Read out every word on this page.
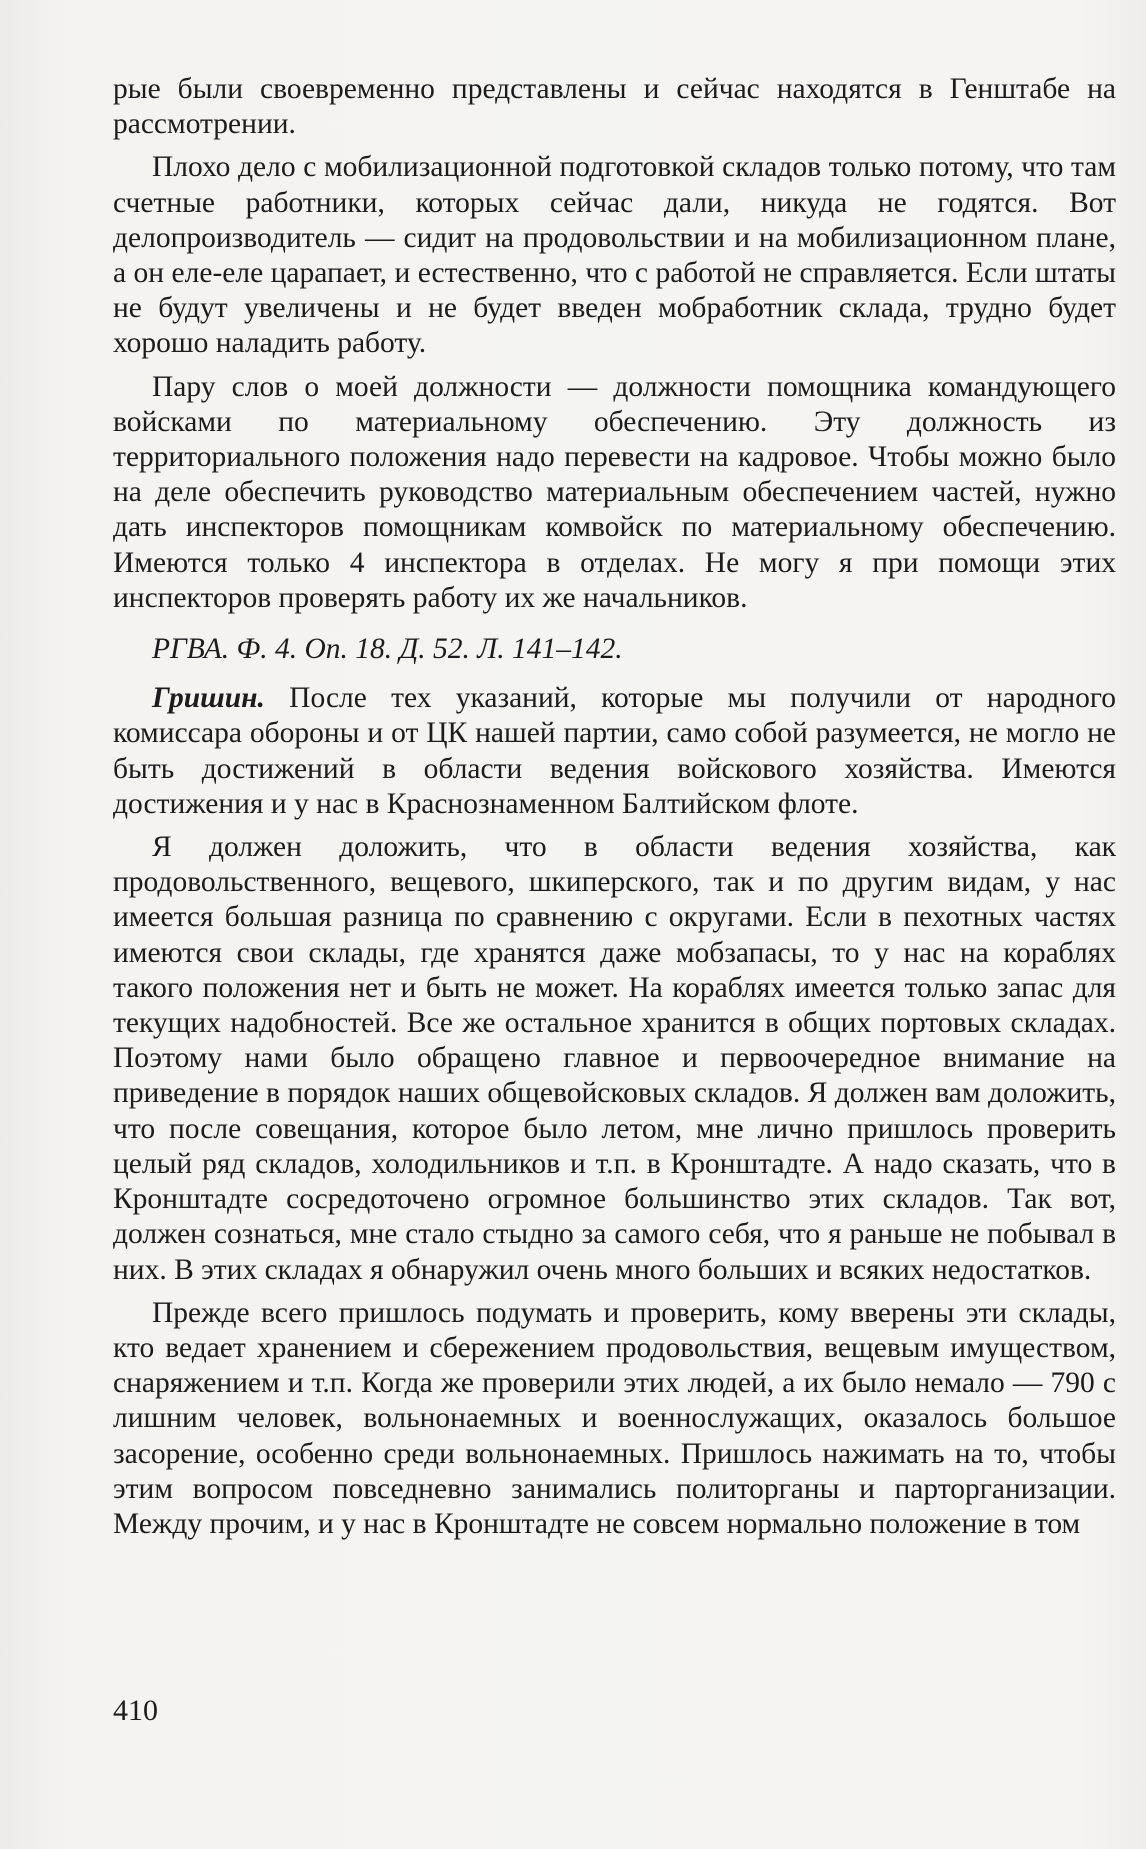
рые были своевременно представлены и сейчас находятся в Генштабе на рассмотрении.

Плохо дело с мобилизационной подготовкой складов только потому, что там счетные работники, которых сейчас дали, никуда не годятся. Вот делопроизводитель — сидит на продовольствии и на мобилизационном плане, а он еле-еле царапает, и естественно, что с работой не справляется. Если штаты не будут увеличены и не будет введен мобработник склада, трудно будет хорошо наладить работу.

Пару слов о моей должности — должности помощника командующего войсками по материальному обеспечению. Эту должность из территориального положения надо перевести на кадровое. Чтобы можно было на деле обеспечить руководство материальным обеспечением частей, нужно дать инспекторов помощникам комвойск по материальному обеспечению. Имеются только 4 инспектора в отделах. Не могу я при помощи этих инспекторов проверять работу их же начальников.

РГВА. Ф. 4. Оп. 18. Д. 52. Л. 141–142.

Гришин. После тех указаний, которые мы получили от народного комиссара обороны и от ЦК нашей партии, само собой разумеется, не могло не быть достижений в области ведения войскового хозяйства. Имеются достижения и у нас в Краснознаменном Балтийском флоте.

Я должен доложить, что в области ведения хозяйства, как продовольственного, вещевого, шкиперского, так и по другим видам, у нас имеется большая разница по сравнению с округами. Если в пехотных частях имеются свои склады, где хранятся даже мобзапасы, то у нас на кораблях такого положения нет и быть не может. На кораблях имеется только запас для текущих надобностей. Все же остальное хранится в общих портовых складах. Поэтому нами было обращено главное и первоочередное внимание на приведение в порядок наших общевойсковых складов. Я должен вам доложить, что после совещания, которое было летом, мне лично пришлось проверить целый ряд складов, холодильников и т.п. в Кронштадте. А надо сказать, что в Кронштадте сосредоточено огромное большинство этих складов. Так вот, должен сознаться, мне стало стыдно за самого себя, что я раньше не побывал в них. В этих складах я обнаружил очень много больших и всяких недостатков.

Прежде всего пришлось подумать и проверить, кому вверены эти склады, кто ведает хранением и сбережением продовольствия, вещевым имуществом, снаряжением и т.п. Когда же проверили этих людей, а их было немало — 790 с лишним человек, вольнонаемных и военнослужащих, оказалось большое засорение, особенно среди вольнонаемных. Пришлось нажимать на то, чтобы этим вопросом повседневно занимались политорганы и парторганизации. Между прочим, и у нас в Кронштадте не совсем нормально положение в том

410
